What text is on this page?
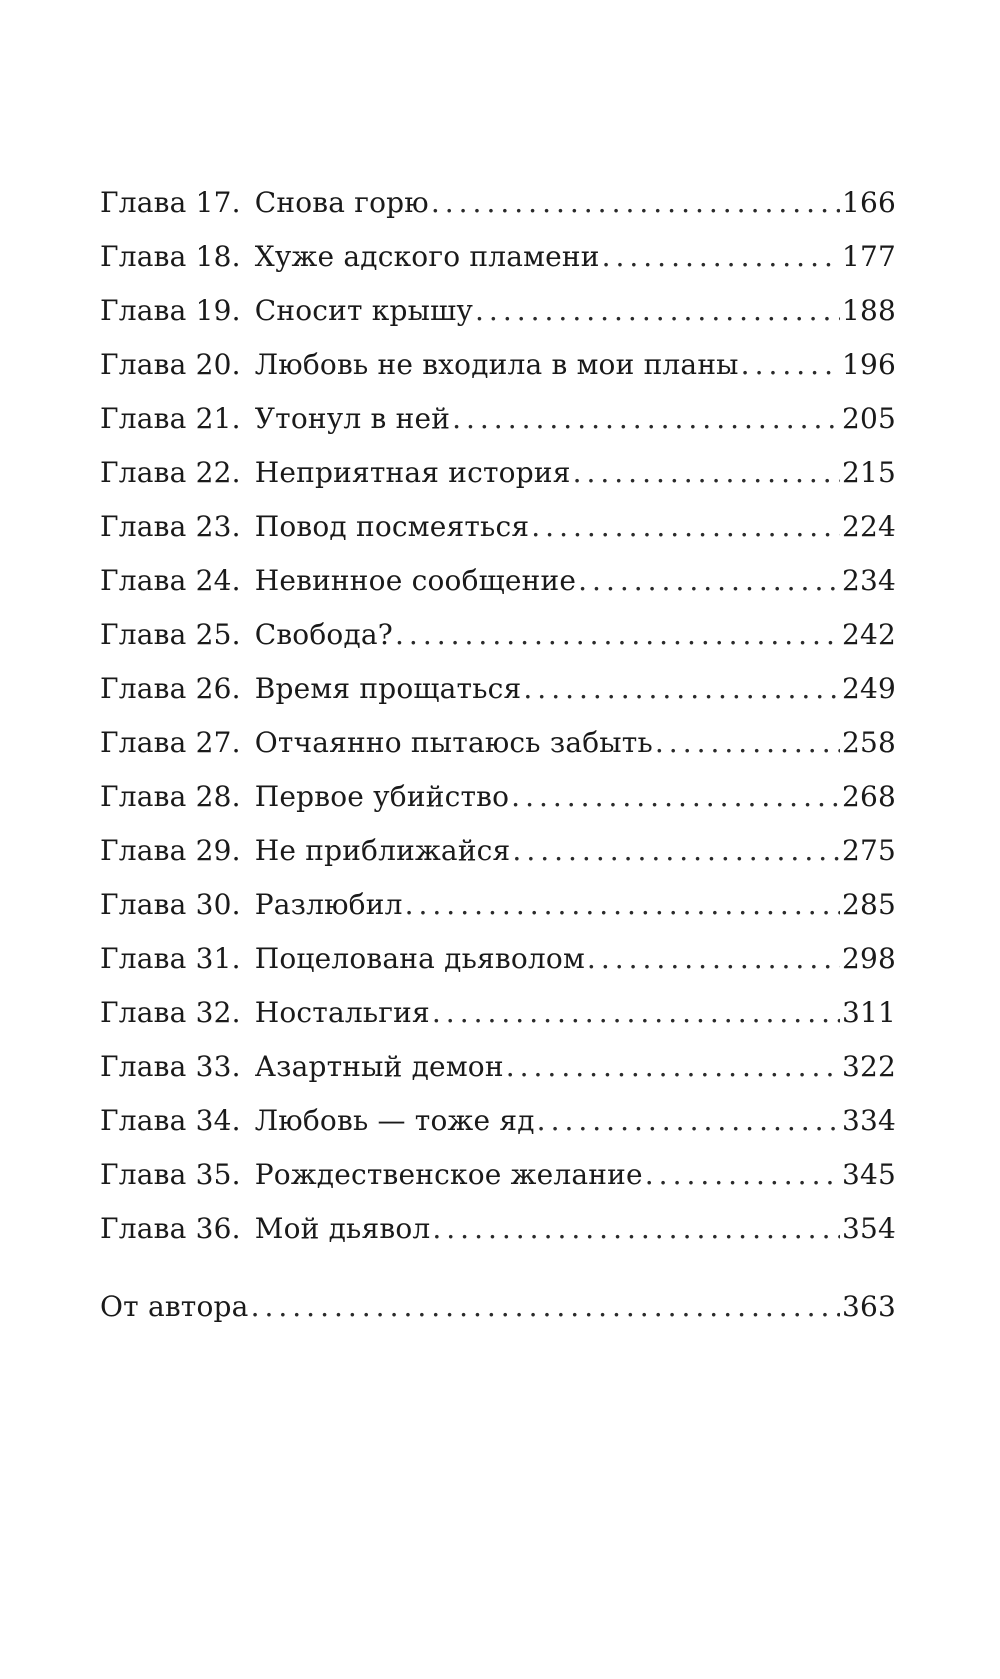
Глава 17. Снова горю .....	166
Глава 18. Хуже адского пламени .....	177
Глава 19. Сносит крышу .....	188
Глава 20. Любовь не входила в мои планы .....	196
Глава 21. Утонул в ней .....	205
Глава 22. Неприятная история .....	215
Глава 23. Повод посмеяться .....	224
Глава 24. Невинное сообщение .....	234
Глава 25. Свобода? .....	242
Глава 26. Время прощаться .....	249
Глава 27. Отчаянно пытаюсь забыть .....	258
Глава 28. Первое убийство .....	268
Глава 29. Не приближайся .....	275
Глава 30. Разлюбил .....	285
Глава 31. Поцелована дьяволом .....	298
Глава 32. Ностальгия .....	311
Глава 33. Азартный демон .....	322
Глава 34. Любовь — тоже яд .....	334
Глава 35. Рождественское желание .....	345
Глава 36. Мой дьявол .....	354
От автора .....	363
